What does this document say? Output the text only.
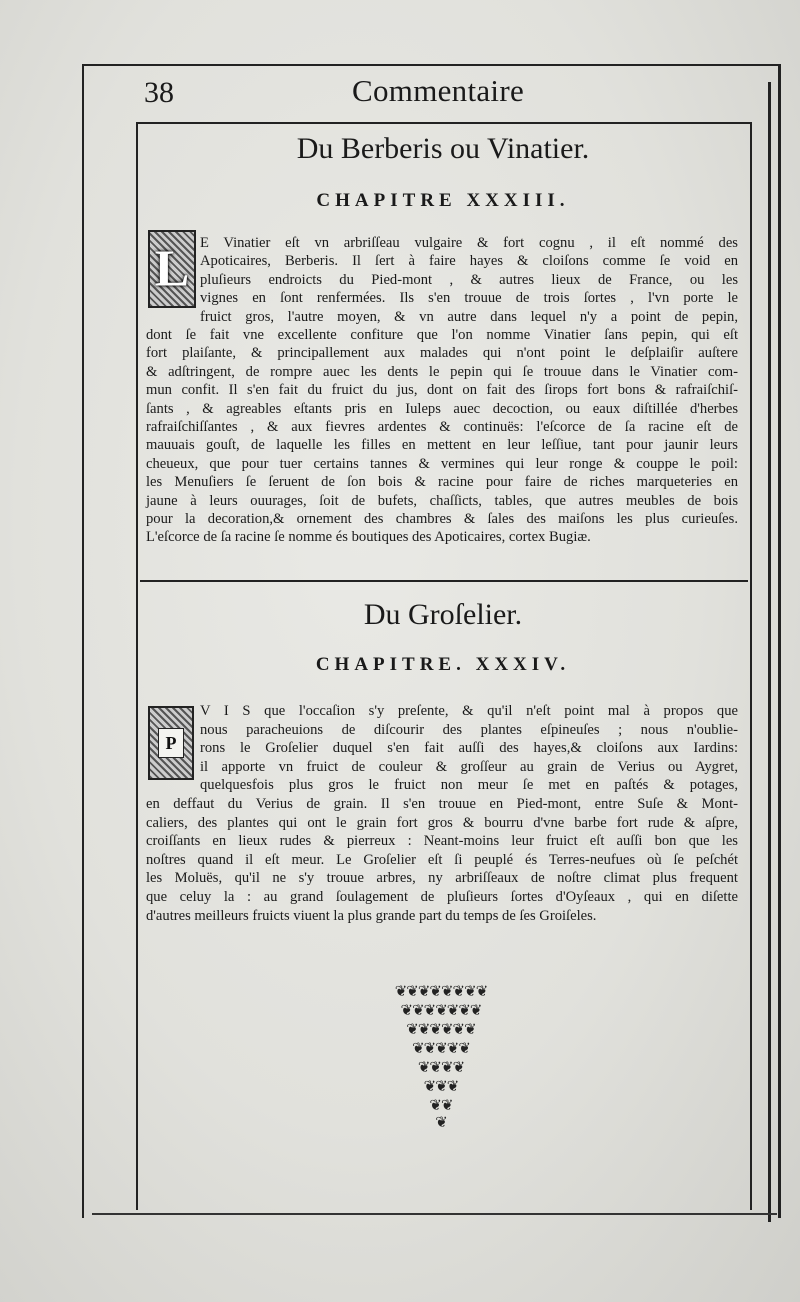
38	Commentaire
Du Berberis ou Vinatier.
CHAPITRE XXXIII.
L E Vinatier eſt vn arbriſſeau vulgaire & fort cognu , il eſt nommé des
Apoticaires, Berberis. Il ſert à faire hayes & cloiſons comme ſe void en
pluſieurs endroicts du Pied-mont , & autres lieux de France, ou les
vignes en ſont renfermées. Ils s'en trouue de trois ſortes , l'vn porte le
fruict gros, l'autre moyen, & vn autre dans lequel n'y a point de pepin,
dont ſe fait vne excellente confiture que l'on nomme Vinatier ſans pepin, qui eſt
fort plaiſante, & principallement aux malades qui n'ont point le deſplaiſir auſtere
& adſtringent, de rompre auec les dents le pepin qui ſe trouue dans le Vinatier com-
mun confit. Il s'en fait du fruict du jus, dont on fait des ſirops fort bons & rafraiſchiſ-
ſants , & agreables eſtants pris en Iuleps auec decoction, ou eaux diſtillée d'herbes
rafraiſchiſſantes , & aux fievres ardentes & continuës: l'eſcorce de ſa racine eſt de
mauuais gouſt, de laquelle les filles en mettent en leur leſſiue, tant pour jaunir leurs
cheueux, que pour tuer certains tannes & vermines qui leur ronge & couppe le poil:
les Menuſiers ſe ſeruent de ſon bois & racine pour faire de riches marqueteries en
jaune à leurs ouurages, ſoit de bufets, chaſſicts, tables, que autres meubles de bois
pour la decoration,& ornement des chambres & ſales des maiſons les plus curieuſes.
L'eſcorce de ſa racine ſe nomme és boutiques des Apoticaires, cortex Bugiæ.
Du Groſelier.
CHAPITRE. XXXIV.
P
V I S que l'occaſion s'y preſente, & qu'il n'eſt point mal à propos que
nous paracheuions de diſcourir des plantes eſpineuſes ; nous n'oublie-
rons le Groſelier duquel s'en fait auſſi des hayes,& cloiſons aux Iardins:
il apporte vn fruict de couleur & groſſeur au grain de Verius ou Aygret,
quelquesfois plus gros le fruict non meur ſe met en paſtés & potages,
en deffaut du Verius de grain. Il s'en trouue en Pied-mont, entre Suſe & Mont-
caliers, des plantes qui ont le grain fort gros & bourru d'vne barbe fort rude & aſpre,
croiſſants en lieux rudes & pierreux : Neant-moins leur fruict eſt auſſi bon que les
noſtres quand il eſt meur. Le Groſelier eſt ſi peuplé és Terres-neufues où ſe peſchét
les Moluës, qu'il ne s'y trouue arbres, ny arbriſſeaux de noſtre climat plus frequent
que celuy la : au grand ſoulagement de pluſieurs ſortes d'Oyſeaux , qui en diſette
d'autres meilleurs fruicts viuent la plus grande part du temps de ſes Groiſeles.
❦❦❦❦❦❦❦❦
❦❦❦❦❦❦❦
❦❦❦❦❦❦
❦❦❦❦❦
❦❦❦❦
❦❦❦
❦❦
❦
